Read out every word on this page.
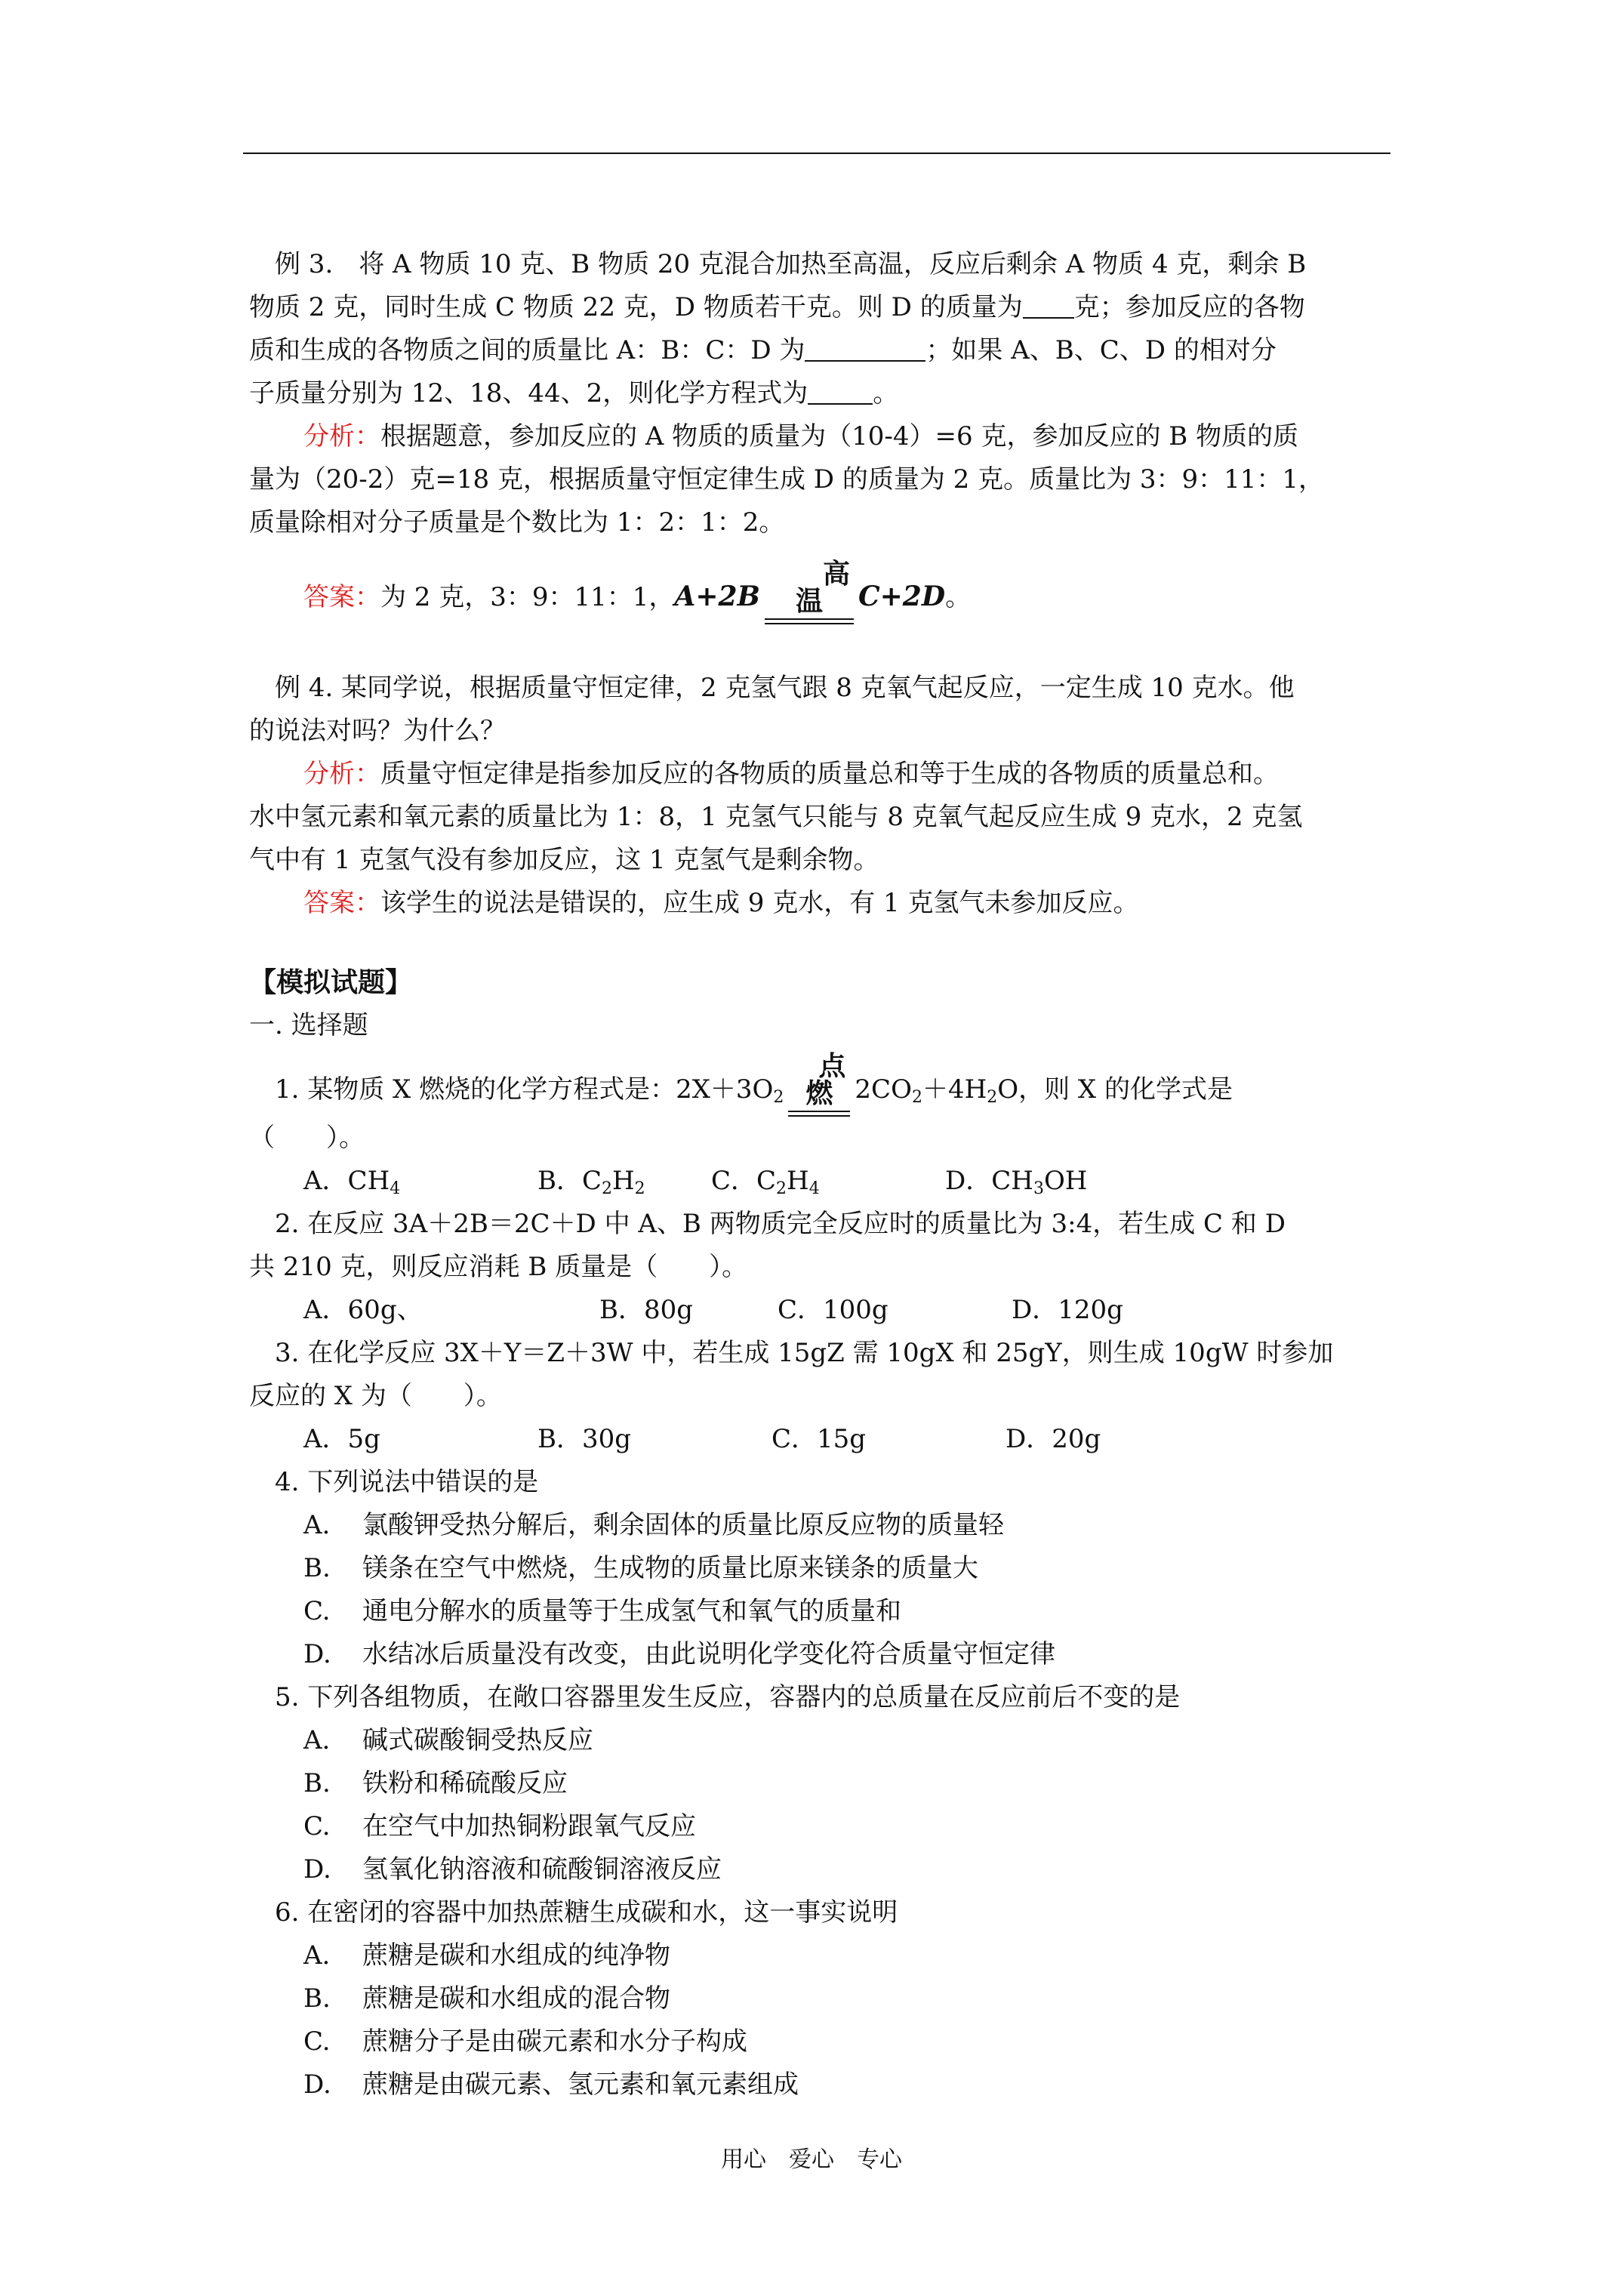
例 3.　将 A 物质 10 克、B 物质 20 克混合加热至高温，反应后剩余 A 物质 4 克，剩余 B

物质 2 克，同时生成 C 物质 22 克，D 物质若干克。则 D 的质量为 克；参加反应的各物

质和生成的各物质之间的质量比 A：B：C：D 为	；如果 A、B、C、D 的相对分

子质量分别为 12、18、44、2，则化学方程式为	。

分析：根据题意，参加反应的 A 物质的质量为（10-4）=6 克，参加反应的 B 物质的质

量为（20-2）克=18 克，根据质量守恒定律生成 D 的质量为 2 克。质量比为 3：9：11：1，

质量除相对分子质量是个数比为 1：2：1：2。

答案：为 2 克，3：9：11：1，A+2B
高温	C+2D。

例 4. 某同学说，根据质量守恒定律，2 克氢气跟 8 克氧气起反应，一定生成 10 克水。他

的说法对吗？为什么？

分析：质量守恒定律是指参加反应的各物质的质量总和等于生成的各物质的质量总和。

水中氢元素和氧元素的质量比为 1：8，1 克氢气只能与 8 克氧气起反应生成 9 克水，2 克氢

气中有 1 克氢气没有参加反应，这 1 克氢气是剩余物。

答案：该学生的说法是错误的，应生成 9 克水，有 1 克氢气未参加反应。

【模拟试题】

一. 选择题

1. 某物质 X 燃烧的化学方程式是：$2X+3O_2$
点燃 $2CO_2+4H_2O$，则 X 的化学式是

（　　）。

A．$CH_4$	B．$C_2H_2$	C．$C_2H_4$	D．$CH_3OH$

2. 在反应 3A＋2B＝2C＋D 中 A、B 两物质完全反应时的质量比为 3:4，若生成 C 和 D

共 210 克，则反应消耗 B 质量是（　　）。

A．60g、	B．80g	C．100g	D．120g

3. 在化学反应 3X＋Y＝Z＋3W 中，若生成 15gZ 需 10gX 和 25gY，则生成 10gW 时参加

反应的 X 为（　　）。

A．5g	B．30g	C．15g	D．20g

4. 下列说法中错误的是

A.	氯酸钾受热分解后，剩余固体的质量比原反应物的质量轻
B.	镁条在空气中燃烧，生成物的质量比原来镁条的质量大
C.	通电分解水的质量等于生成氢气和氧气的质量和
D.	水结冰后质量没有改变，由此说明化学变化符合质量守恒定律

5. 下列各组物质，在敞口容器里发生反应，容器内的总质量在反应前后不变的是

A.	碱式碳酸铜受热反应
B.	铁粉和稀硫酸反应
C.	在空气中加热铜粉跟氧气反应
D.	氢氧化钠溶液和硫酸铜溶液反应

6. 在密闭的容器中加热蔗糖生成碳和水，这一事实说明

A.	蔗糖是碳和水组成的纯净物
B.	蔗糖是碳和水组成的混合物
C.	蔗糖分子是由碳元素和水分子构成
D.	蔗糖是由碳元素、氢元素和氧元素组成
用心　爱心　专心
